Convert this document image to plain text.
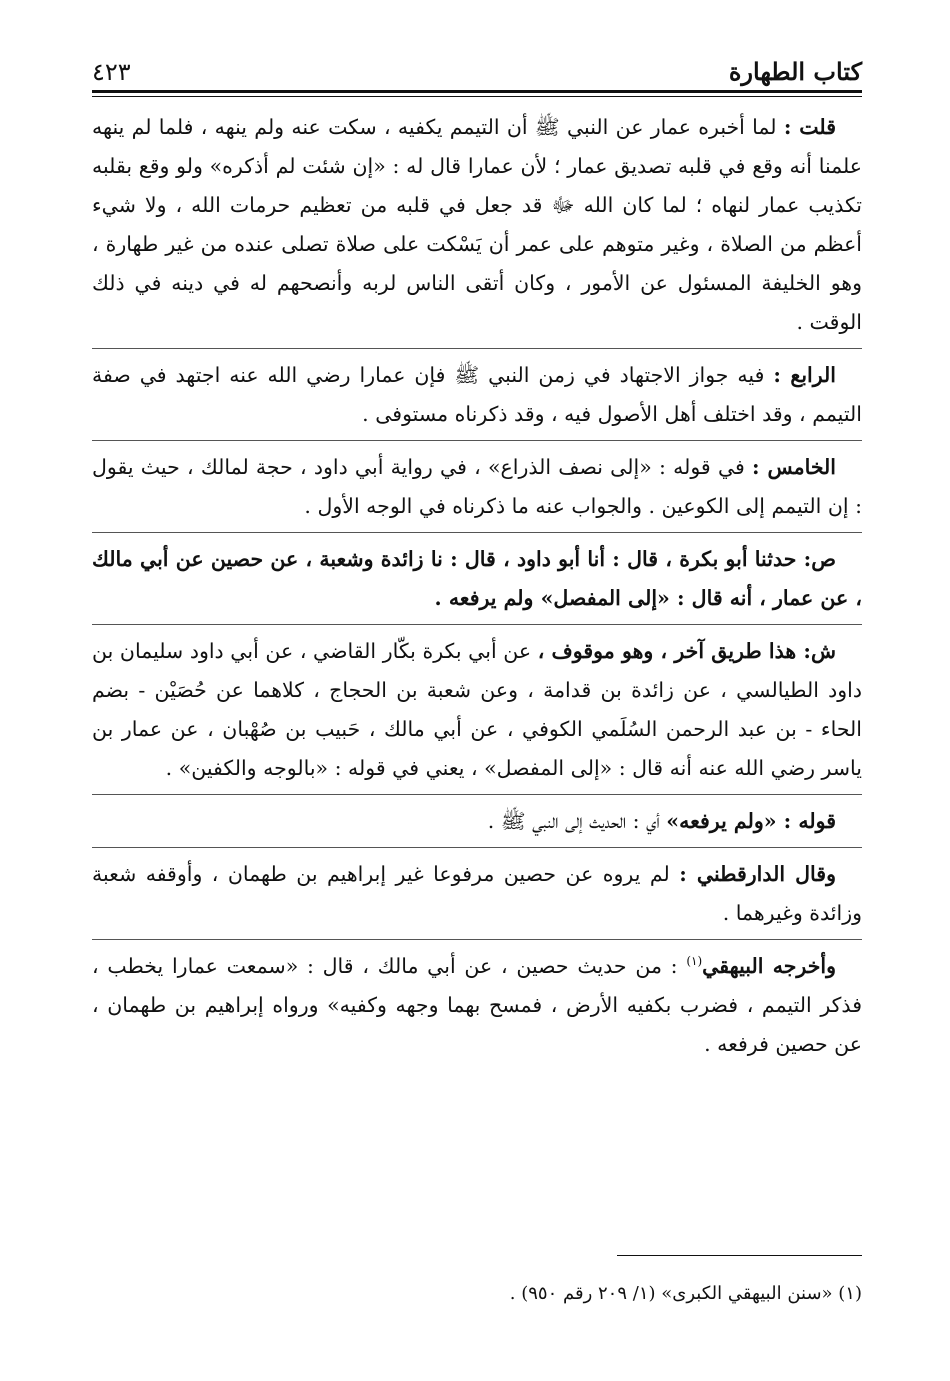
كتاب الطهارة
٤٢٣

قلت : لما أخبره عمار عن النبي ﷺ أن التيمم يكفيه ، سكت عنه ولم ينهه ، فلما لم ينهه علمنا أنه وقع في قلبه تصديق عمار ؛ لأن عمارا قال له : «إن شئت لم أذكره» ولو وقع بقلبه تكذيب عمار لنهاه ؛ لما كان الله ﷻ قد جعل في قلبه من تعظيم حرمات الله ، ولا شيء أعظم من الصلاة ، وغير متوهم على عمر أن يَسْكت على صلاة تصلى عنده من غير طهارة ، وهو الخليفة المسئول عن الأمور ، وكان أتقى الناس لربه وأنصحهم له في دينه في ذلك الوقت .

الرابع : فيه جواز الاجتهاد في زمن النبي ﷺ فإن عمارا رضي الله عنه اجتهد في صفة التيمم ، وقد اختلف أهل الأصول فيه ، وقد ذكرناه مستوفى .

الخامس : في قوله : «إلى نصف الذراع» ، في رواية أبي داود ، حجة لمالك ، حيث يقول : إن التيمم إلى الكوعين . والجواب عنه ما ذكرناه في الوجه الأول .

ص: حدثنا أبو بكرة ، قال : أنا أبو داود ، قال : نا زائدة وشعبة ، عن حصين عن أبي مالك ، عن عمار ، أنه قال : «إلى المفصل» ولم يرفعه .

ش: هذا طريق آخر ، وهو موقوف ، عن أبي بكرة بكّار القاضي ، عن أبي داود سليمان بن داود الطيالسي ، عن زائدة بن قدامة ، وعن شعبة بن الحجاج ، كلاهما عن حُصَيْن - بضم الحاء - بن عبد الرحمن السُلَمي الكوفي ، عن أبي مالك ، حَبيب بن صُهْبان ، عن عمار بن ياسر رضي الله عنه أنه قال : «إلى المفصل» ، يعني في قوله : «بالوجه والكفين» .

قوله : «ولم يرفعه» أي : الحديث إلى النبي ﷺ .

وقال الدارقطني : لم يروه عن حصين مرفوعا غير إبراهيم بن طهمان ، وأوقفه شعبة وزائدة وغيرهما .

وأخرجه البيهقي$^{(١)}$ : من حديث حصين ، عن أبي مالك ، قال : «سمعت عمارا يخطب ، فذكر التيمم ، فضرب بكفيه الأرض ، فمسح بهما وجهه وكفيه» ورواه إبراهيم بن طهمان ، عن حصين فرفعه .

(١) «سنن البيهقي الكبرى» (١/ ٢٠٩ رقم ٩٥٠) .
